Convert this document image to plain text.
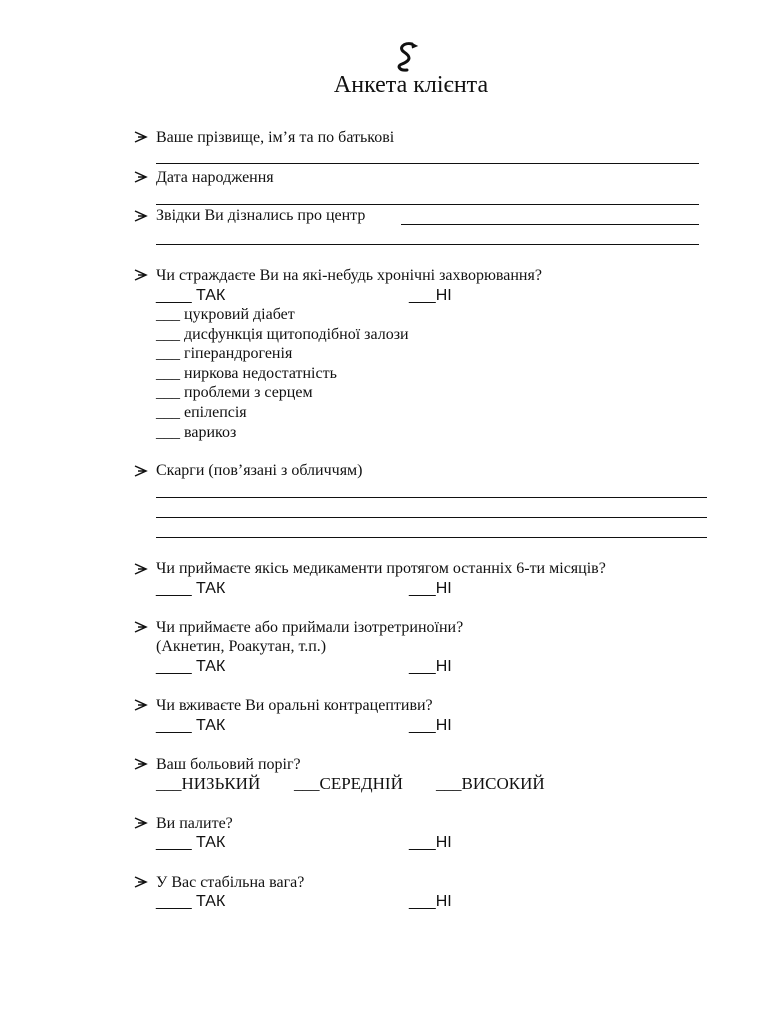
Анкета клієнта
Ваше прізвище, ім’я та по батькові
Дата народження
Звідки Ви дізнались про центр
Чи страждаєте Ви на які-небудь хронічні захворювання?
____ ТАК	___НІ
___ цукровий діабет
___ дисфункція щитоподібної залози
___ гіперандрогенія
___ ниркова недостатність
___ проблеми з серцем
___ епілепсія
___ варикоз
Скарги (пов’язані з обличчям)
Чи приймаєте якісь медикаменти протягом останніх 6-ти місяців?
____ ТАК	___НІ
Чи приймаєте або приймали ізотретриноїни?
(Акнетин, Роакутан, т.п.)
____ ТАК	___НІ
Чи вживаєте Ви оральні контрацептиви?
____ ТАК	___НІ
Ваш больовий поріг?
___НИЗЬКИЙ ___СЕРЕДНІЙ ___ВИСОКИЙ
Ви палите?
____ ТАК	___НІ
У Вас стабільна вага?
____ ТАК	___НІ
